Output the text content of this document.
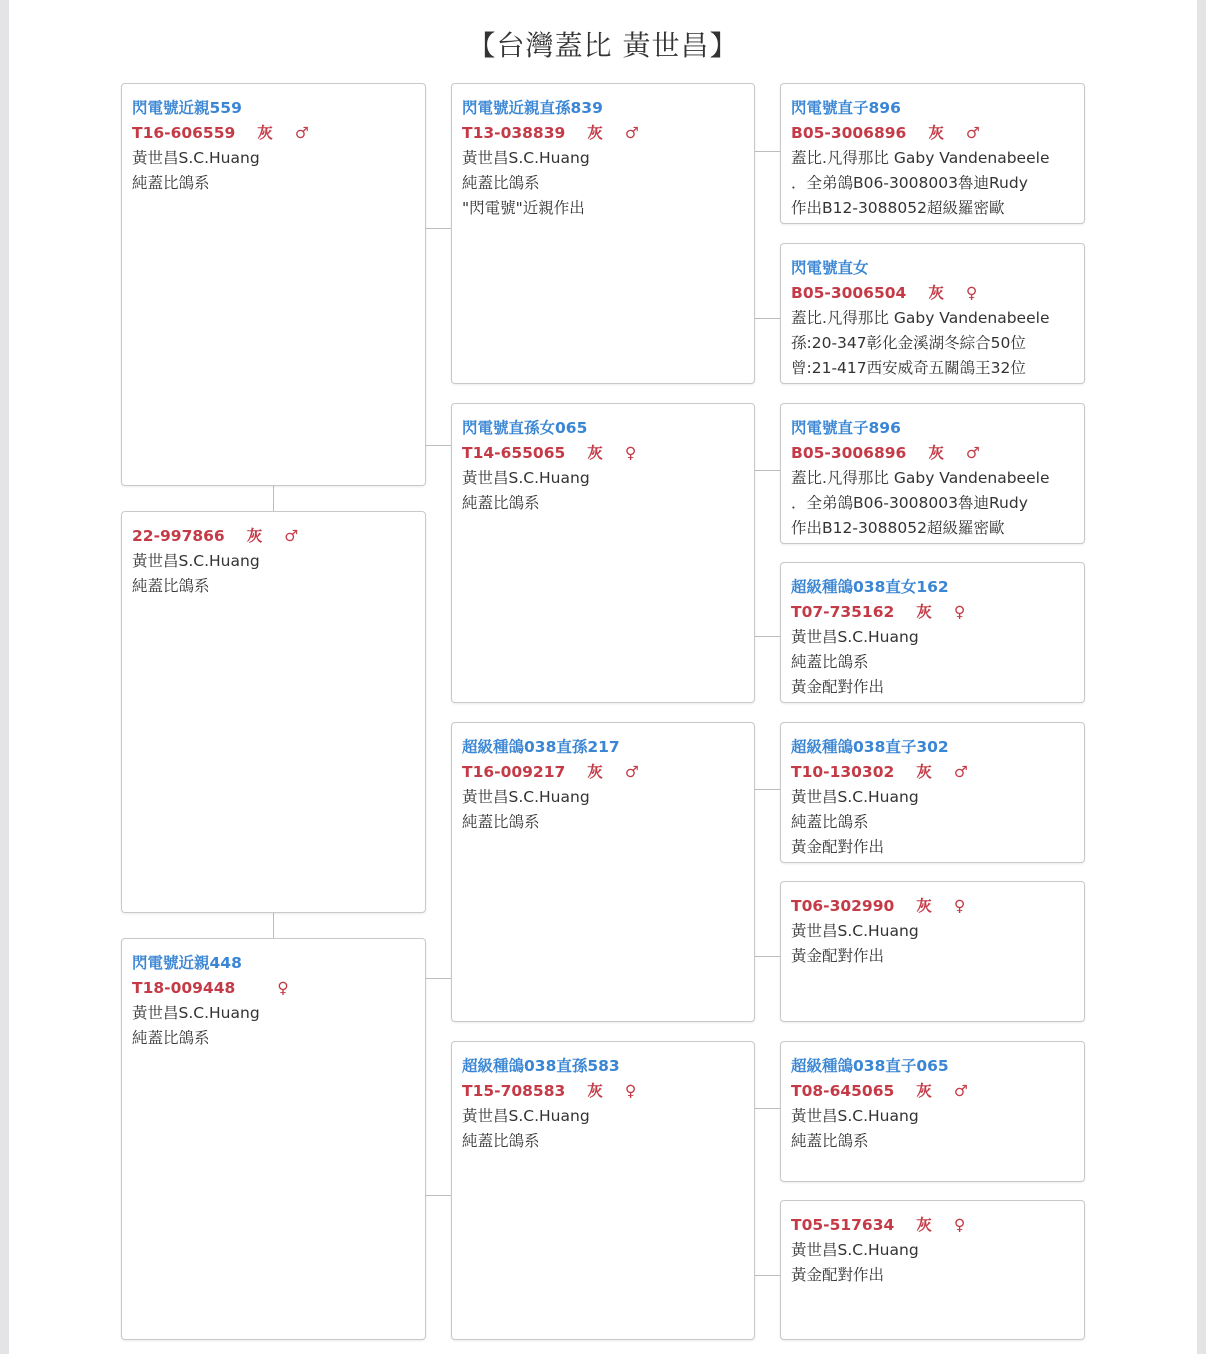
【台灣蓋比 黃世昌】
閃電號近親559
T16-606559 灰 ♂
黃世昌S.C.Huang
純蓋比鴿系
22-997866 灰 ♂
黃世昌S.C.Huang
純蓋比鴿系
閃電號近親448
T18-009448	♀
黃世昌S.C.Huang
純蓋比鴿系
閃電號近親直孫839
T13-038839 灰 ♂
黃世昌S.C.Huang
純蓋比鴿系
"閃電號"近親作出
閃電號直孫女065
T14-655065 灰 ♀
黃世昌S.C.Huang
純蓋比鴿系
超級種鴿038直孫217
T16-009217 灰 ♂
黃世昌S.C.Huang
純蓋比鴿系
超級種鴿038直孫583
T15-708583 灰 ♀
黃世昌S.C.Huang
純蓋比鴿系
閃電號直子896
B05-3006896 灰 ♂
蓋比.凡得那比 Gaby Vandenabeele
．全弟鴿B06-3008003魯迪Rudy
作出B12-3088052超級羅密歐
閃電號直女
B05-3006504 灰 ♀
蓋比.凡得那比 Gaby Vandenabeele
孫:20-347彰化金溪湖冬綜合50位
曾:21-417西安威奇五關鴿王32位
閃電號直子896
B05-3006896 灰 ♂
蓋比.凡得那比 Gaby Vandenabeele
．全弟鴿B06-3008003魯迪Rudy
作出B12-3088052超級羅密歐
超級種鴿038直女162
T07-735162 灰 ♀
黃世昌S.C.Huang
純蓋比鴿系
黃金配對作出
超級種鴿038直子302
T10-130302 灰 ♂
黃世昌S.C.Huang
純蓋比鴿系
黃金配對作出
T06-302990 灰 ♀
黃世昌S.C.Huang
黃金配對作出
超級種鴿038直子065
T08-645065 灰 ♂
黃世昌S.C.Huang
純蓋比鴿系
T05-517634 灰 ♀
黃世昌S.C.Huang
黃金配對作出
